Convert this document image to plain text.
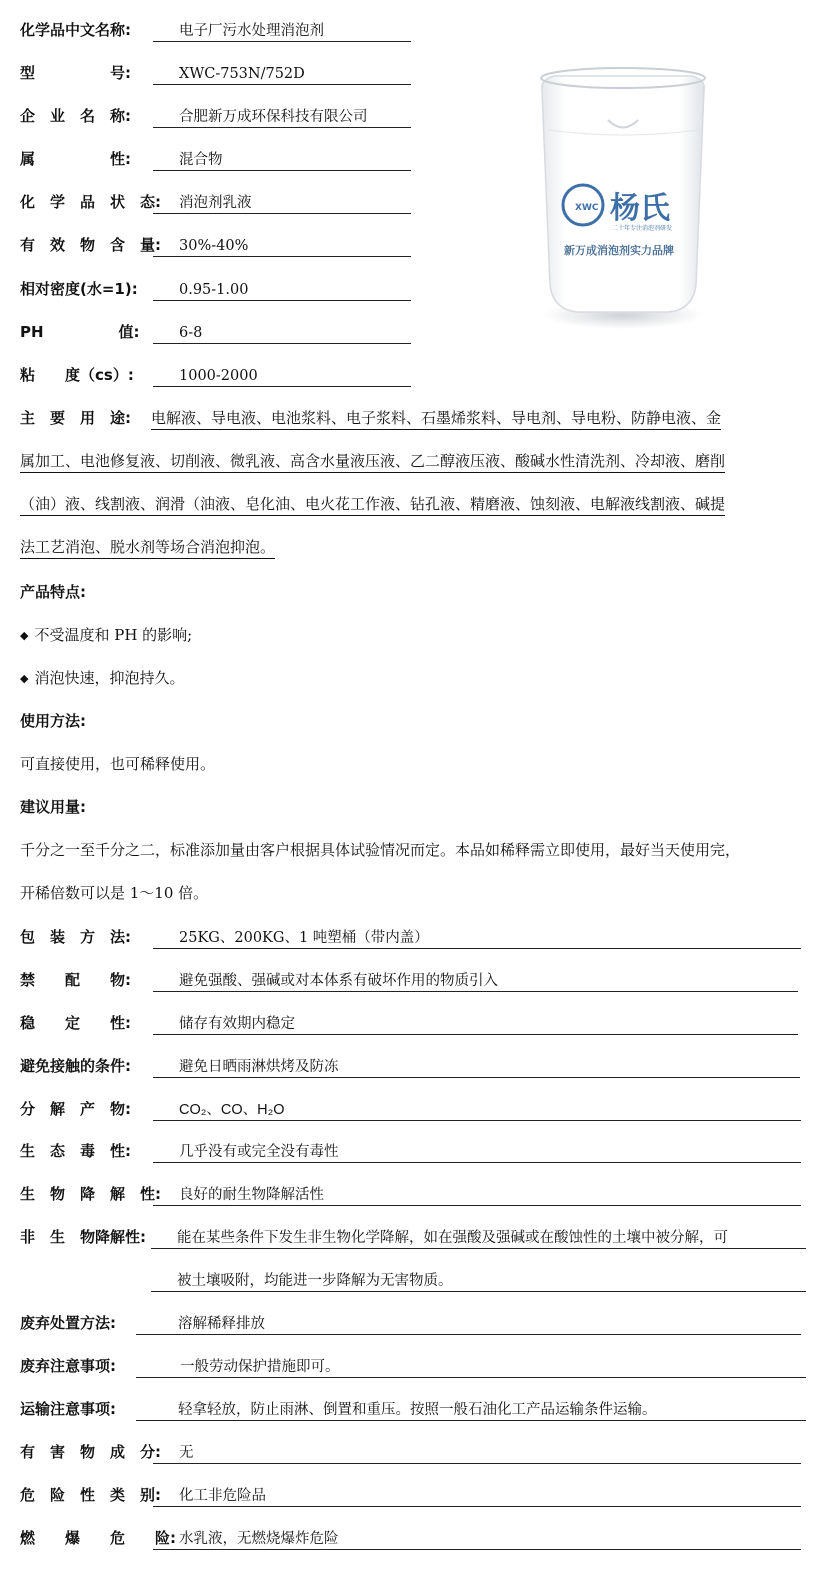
化学品中文名称:	电子厂污水处理消泡剂
型　　　　　号:	XWC-753N/752D
企　业　名　称:	合肥新万成环保科技有限公司
属　　　　　性:	混合物
化　学　品　状　态:	消泡剂乳液
有　效　物　含　量:	30%-40%
相对密度(水=1):	0.95-1.00
PH　　　　　值:	6-8
粘　　度（cs）:	1000-2000
XWC 杨氏
二十年专注消泡剂研发
新万成消泡剂实力品牌
主　要　用　途: 电解液、导电液、电池浆料、电子浆料、石墨烯浆料、导电剂、导电粉、防静电液、金
属加工、电池修复液、切削液、微乳液、高含水量液压液、乙二醇液压液、酸碱水性清洗剂、冷却液、磨削
（油）液、线割液、润滑（油液、皂化油、电火花工作液、钻孔液、精磨液、蚀刻液、电解液线割液、碱提
法工艺消泡、脱水剂等场合消泡抑泡。
产品特点:
◆ 不受温度和 PH 的影响;
◆ 消泡快速，抑泡持久。
使用方法:
可直接使用，也可稀释使用。
建议用量:
千分之一至千分之二，标准添加量由客户根据具体试验情况而定。本品如稀释需立即使用，最好当天使用完，
开稀倍数可以是 1～10 倍。
包　装　方　法:	25KG、200KG、1 吨塑桶（带内盖）
禁　　配　　物:	避免强酸、强碱或对本体系有破坏作用的物质引入
稳　　定　　性:	储存有效期内稳定
避免接触的条件:	避免日晒雨淋烘烤及防冻
分　解　产　物:	CO₂、CO、H₂O
生　态　毒　性:	几乎没有或完全没有毒性
生　物　降　解　性:	良好的耐生物降解活性
非　生　物降解性:	能在某些条件下发生非生物化学降解，如在强酸及强碱或在酸蚀性的土壤中被分解，可
被土壤吸附，均能进一步降解为无害物质。
废弃处置方法:	溶解稀释排放
废弃注意事项:	一般劳动保护措施即可。
运输注意事项:	轻拿轻放，防止雨淋、倒置和重压。按照一般石油化工产品运输条件运输。
有　害　物　成　分:	无
危　险　性　类　别:	化工非危险品
燃　　爆　　危　　险: 水乳液，无燃烧爆炸危险
